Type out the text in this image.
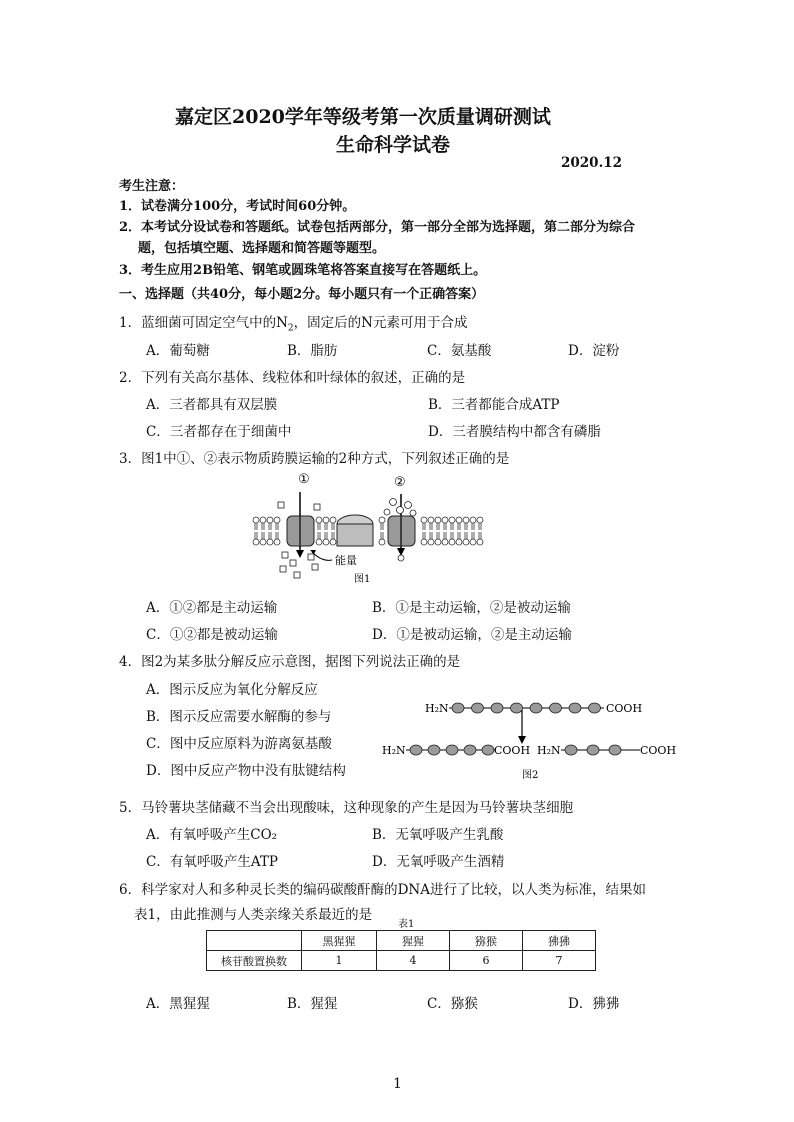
嘉定区2020学年等级考第一次质量调研测试
生命科学试卷
2020.12
考生注意：
1．试卷满分100分，考试时间60分钟。
2．本考试分设试卷和答题纸。试卷包括两部分，第一部分全部为选择题，第二部分为综合
题，包括填空题、选择题和简答题等题型。
3．考生应用2B铅笔、钢笔或圆珠笔将答案直接写在答题纸上。
一、选择题（共40分，每小题2分。每小题只有一个正确答案）
1．蓝细菌可固定空气中的$N_2$，固定后的N元素可用于合成
A．葡萄糖	B．脂肪	C．氨基酸	D．淀粉
2．下列有关高尔基体、线粒体和叶绿体的叙述，正确的是
A．三者都具有双层膜	B．三者都能合成ATP
C．三者都存在于细菌中	D．三者膜结构中都含有磷脂
3．图1中①、②表示物质跨膜运输的2种方式，下列叙述正确的是
①	②
能量
图1
A．①②都是主动运输	B．①是主动运输，②是被动运输
C．①②都是被动运输	D．①是被动运输，②是主动运输
4．图2为某多肽分解反应示意图，据图下列说法正确的是
A．图示反应为氧化分解反应
B．图示反应需要水解酶的参与
C．图中反应原料为游离氨基酸
D．图中反应产物中没有肽键结构
H₂N	COOH
H₂N	COOH H₂N	COOH
图2
5．马铃薯块茎储藏不当会出现酸味，这种现象的产生是因为马铃薯块茎细胞
A．有氧呼吸产生CO₂	B．无氧呼吸产生乳酸
C．有氧呼吸产生ATP	D．无氧呼吸产生酒精
6．科学家对人和多种灵长类的编码碳酸酐酶的DNA进行了比较，以人类为标准，结果如
表1，由此推测与人类亲缘关系最近的是
表1
	黑猩猩	猩猩	猕猴	狒狒
核苷酸置换数	1	4	6	7
A．黑猩猩	B．猩猩	C．猕猴	D．狒狒
1
